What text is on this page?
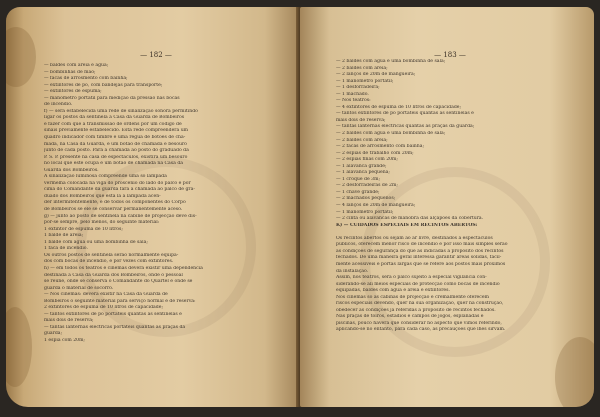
— 182 —
— baldes com areia e água;
— bombinhas de mão;
— facas de arrôsmento com bainha;
— extintores de pó, com bandejas para transporte;
— extintores de espuma;
— manómetro portátil para medição da pressão nas bocas
de incêndio.
f) — será estabelecida uma rede de sinalização sonora permitindo
ligar os postos da sentinela à Casa da Guarda de Bombeiros
e fazer com que a transmissão de ordens por um código de
sinais préviamente estabelecido. Esta rede compreenderá um
quadro indicador com timbre e uma régua de botões de cha-
mada, na Casa da Guarda, e um botão de chamada e besouro
junto de cada posto. Para a chamada ao pôsto do graduado da
P. S. P. presente na casa de espectáculos, existirá um besouro
no local que êste ocupa e um botão de chamada na Casa da
Guarda dos Bombeiros.
A sinalização luminosa compreende uma só lâmpada
vermelha colocada na viga do proscénio do lado do palco e por
cima do Comandante da guarda fará a chamada ao palco de gra-
duado dos Bombeiros que está lá a lâmpada acen-
der intermitentemente, e de todos os componentes do Corpo
de Bombeiros se ele se conservar permanentemente aceso.
g) — junto ao posto de sentinela na cabine de projecção deve dis-
por-se sempre, pelo menos, do seguinte material:
1 extintor de espuma de 10 litros;
1 balde de areia;
1 balde com água ou uma bombinha de sala;
1 faca de incêndio.
Os outros postos de sentinela serão normalmente equipa-
dos com bocas de incêndio, e por vezes com extintores.
h) — em todos os teatros e cinemas deverá existir uma dependência
destinada à Casa da Guarda dos Bombeiros, onde o pessoal
se reúne, onde se conserva o Comandante do Quartel e onde se
guarda o material de socorro.
— Nos cinemas: deverá existir na Casa da Guarda de
Bombeiros o seguinte material para serviço normal e de reserva:
2 extintores de espuma de 10 litros de capacidade;
— tantos extintores de pó portáteis quantas as sentinelas e
mais dois de reserva;
— tantas lanternas eléctricas portáteis quantas as praças da
guarda;
1 espia com 20m;
— 183 —
— 2 baldes com água e uma bombinha de sala;
— 2 baldes com areia;
— 2 lanços de 20m de mangueira;
— 1 manómetro portátil;
— 1 desforradeira;
— 1 machado.
— Nos teatros:
— 4 extintores de espuma de 10 litros de capacidade;
— tantos extintores de pó portáteis quantas as sentinelas e
mais dois de reserva;
— tantas lanternas eléctricas quantas as praças da guarda;
— 2 baldes com água e uma bombinha de sala;
— 2 baldes com areia;
— 2 facas de arrôsmento com bainha;
— 2 espias de trabalho com 20m;
— 2 espias finas com 20m;
— 1 alavanca grande;
— 1 alavanca pequena;
— 1 croque de 3m;
— 2 desforradeiras de 2m;
— 1 chave grande;
— 2 machados pequenos;
— 4 lanços de 20m de mangueira;
— 1 manómetro portátil;
— 2 cinta ou alavancas de manobra das alçapões da cobertura.
K) — CUIDADOS ESPECIAIS EM RECINTOS ABERTOS:

Os recintos abertos ou sejam ao ar livre, destinados a espectáculos
públicos, oferecem menor risco de incêndio e por isso mais simples serão
as condições de segurança do que as indicadas a propósito dos recintos
fechados. De uma maneira geral interessa garantir áreas sólidas, fàcil-
mente acessíveis e portas largas que se refere aos postos mais próximos
da instalação.
Assim, nos teatros, será o palco sujeito a especial vigilância con-
siderando-se ali meios especiais de protecção como bocas de incêndio
equipadas, baldes com água e areia e extintores.
Nos cinemas só as cabinas de projecção e cremalmente oferecem
riscos especiais devendo, quer na sua organização, quer na construção,
obedecer às condições já referidas a propósito de recintos fechados.
Nas praças de toiros, estádios e campos de jogos, esplanadas e
piscinas, pouco haverá que considerar no aspecto que vimos referindo,
aplicando-se no entanto, para cada caso, as precauções que lhes sirvam.
